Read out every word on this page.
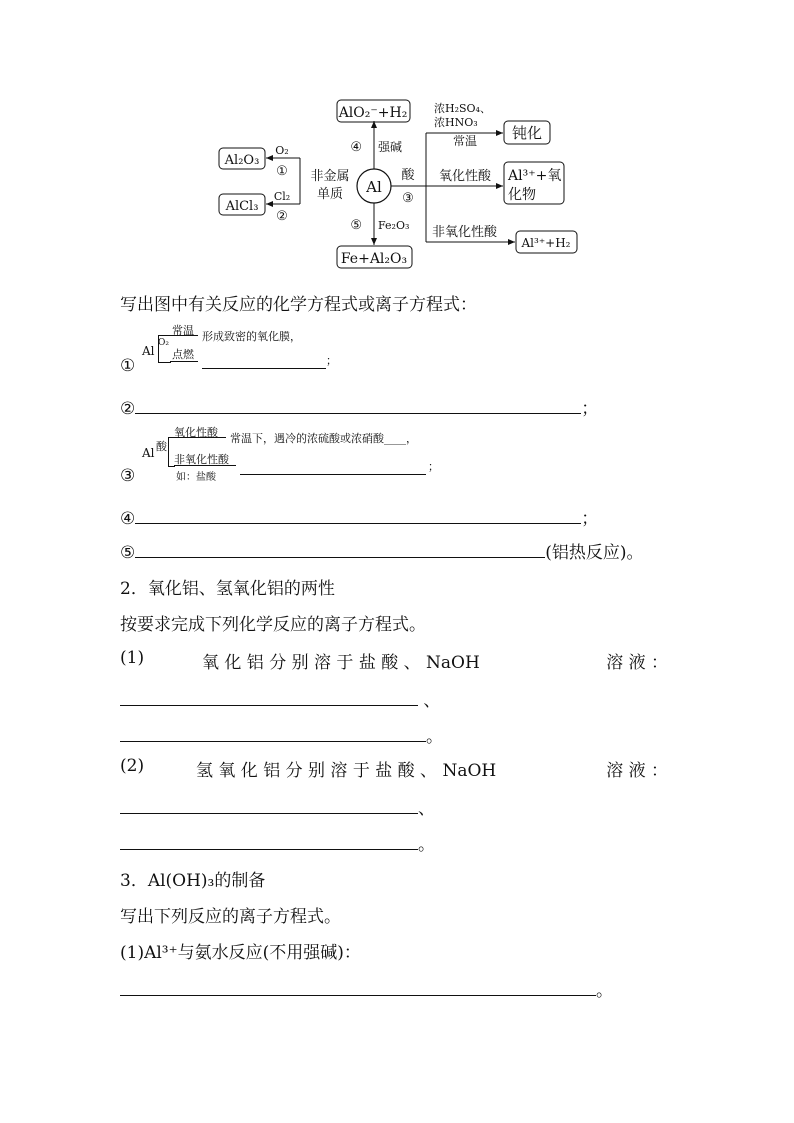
Al
AlO₂⁻+H₂
④ 强碱
Fe+Al₂O₃
⑤ Fe₂O₃
非金属
单质
Al₂O₃
O₂
①
AlCl₃
Cl₂
②
酸
③
浓H₂SO₄、
浓HNO₃
常温 钝化
氧化性酸 Al³⁺+氧
化物
非氧化性酸
Al³⁺+H₂
写出图中有关反应的化学方程式或离子方程式：
①
Al
O₂
常温 形成致密的氧化膜，
点燃	；
②	；
③
Al 酸
氧化性酸 常温下，遇冷的浓硫酸或浓硝酸____，
非氧化性酸
如：盐酸
；
④	；
⑤	(铝热反应)。
2．氧化铝、氢氧化铝的两性
按要求完成下列化学反应的离子方程式。
(1)	氧 化 铝 分 别 溶 于 盐 酸 、 NaOH	溶 液 ：
、
。
(2)	氢 氧 化 铝 分 别 溶 于 盐 酸 、 NaOH	溶 液 ：
、
。
3．Al(OH)₃的制备
写出下列反应的离子方程式。
(1)Al³⁺与氨水反应(不用强碱)：
。
